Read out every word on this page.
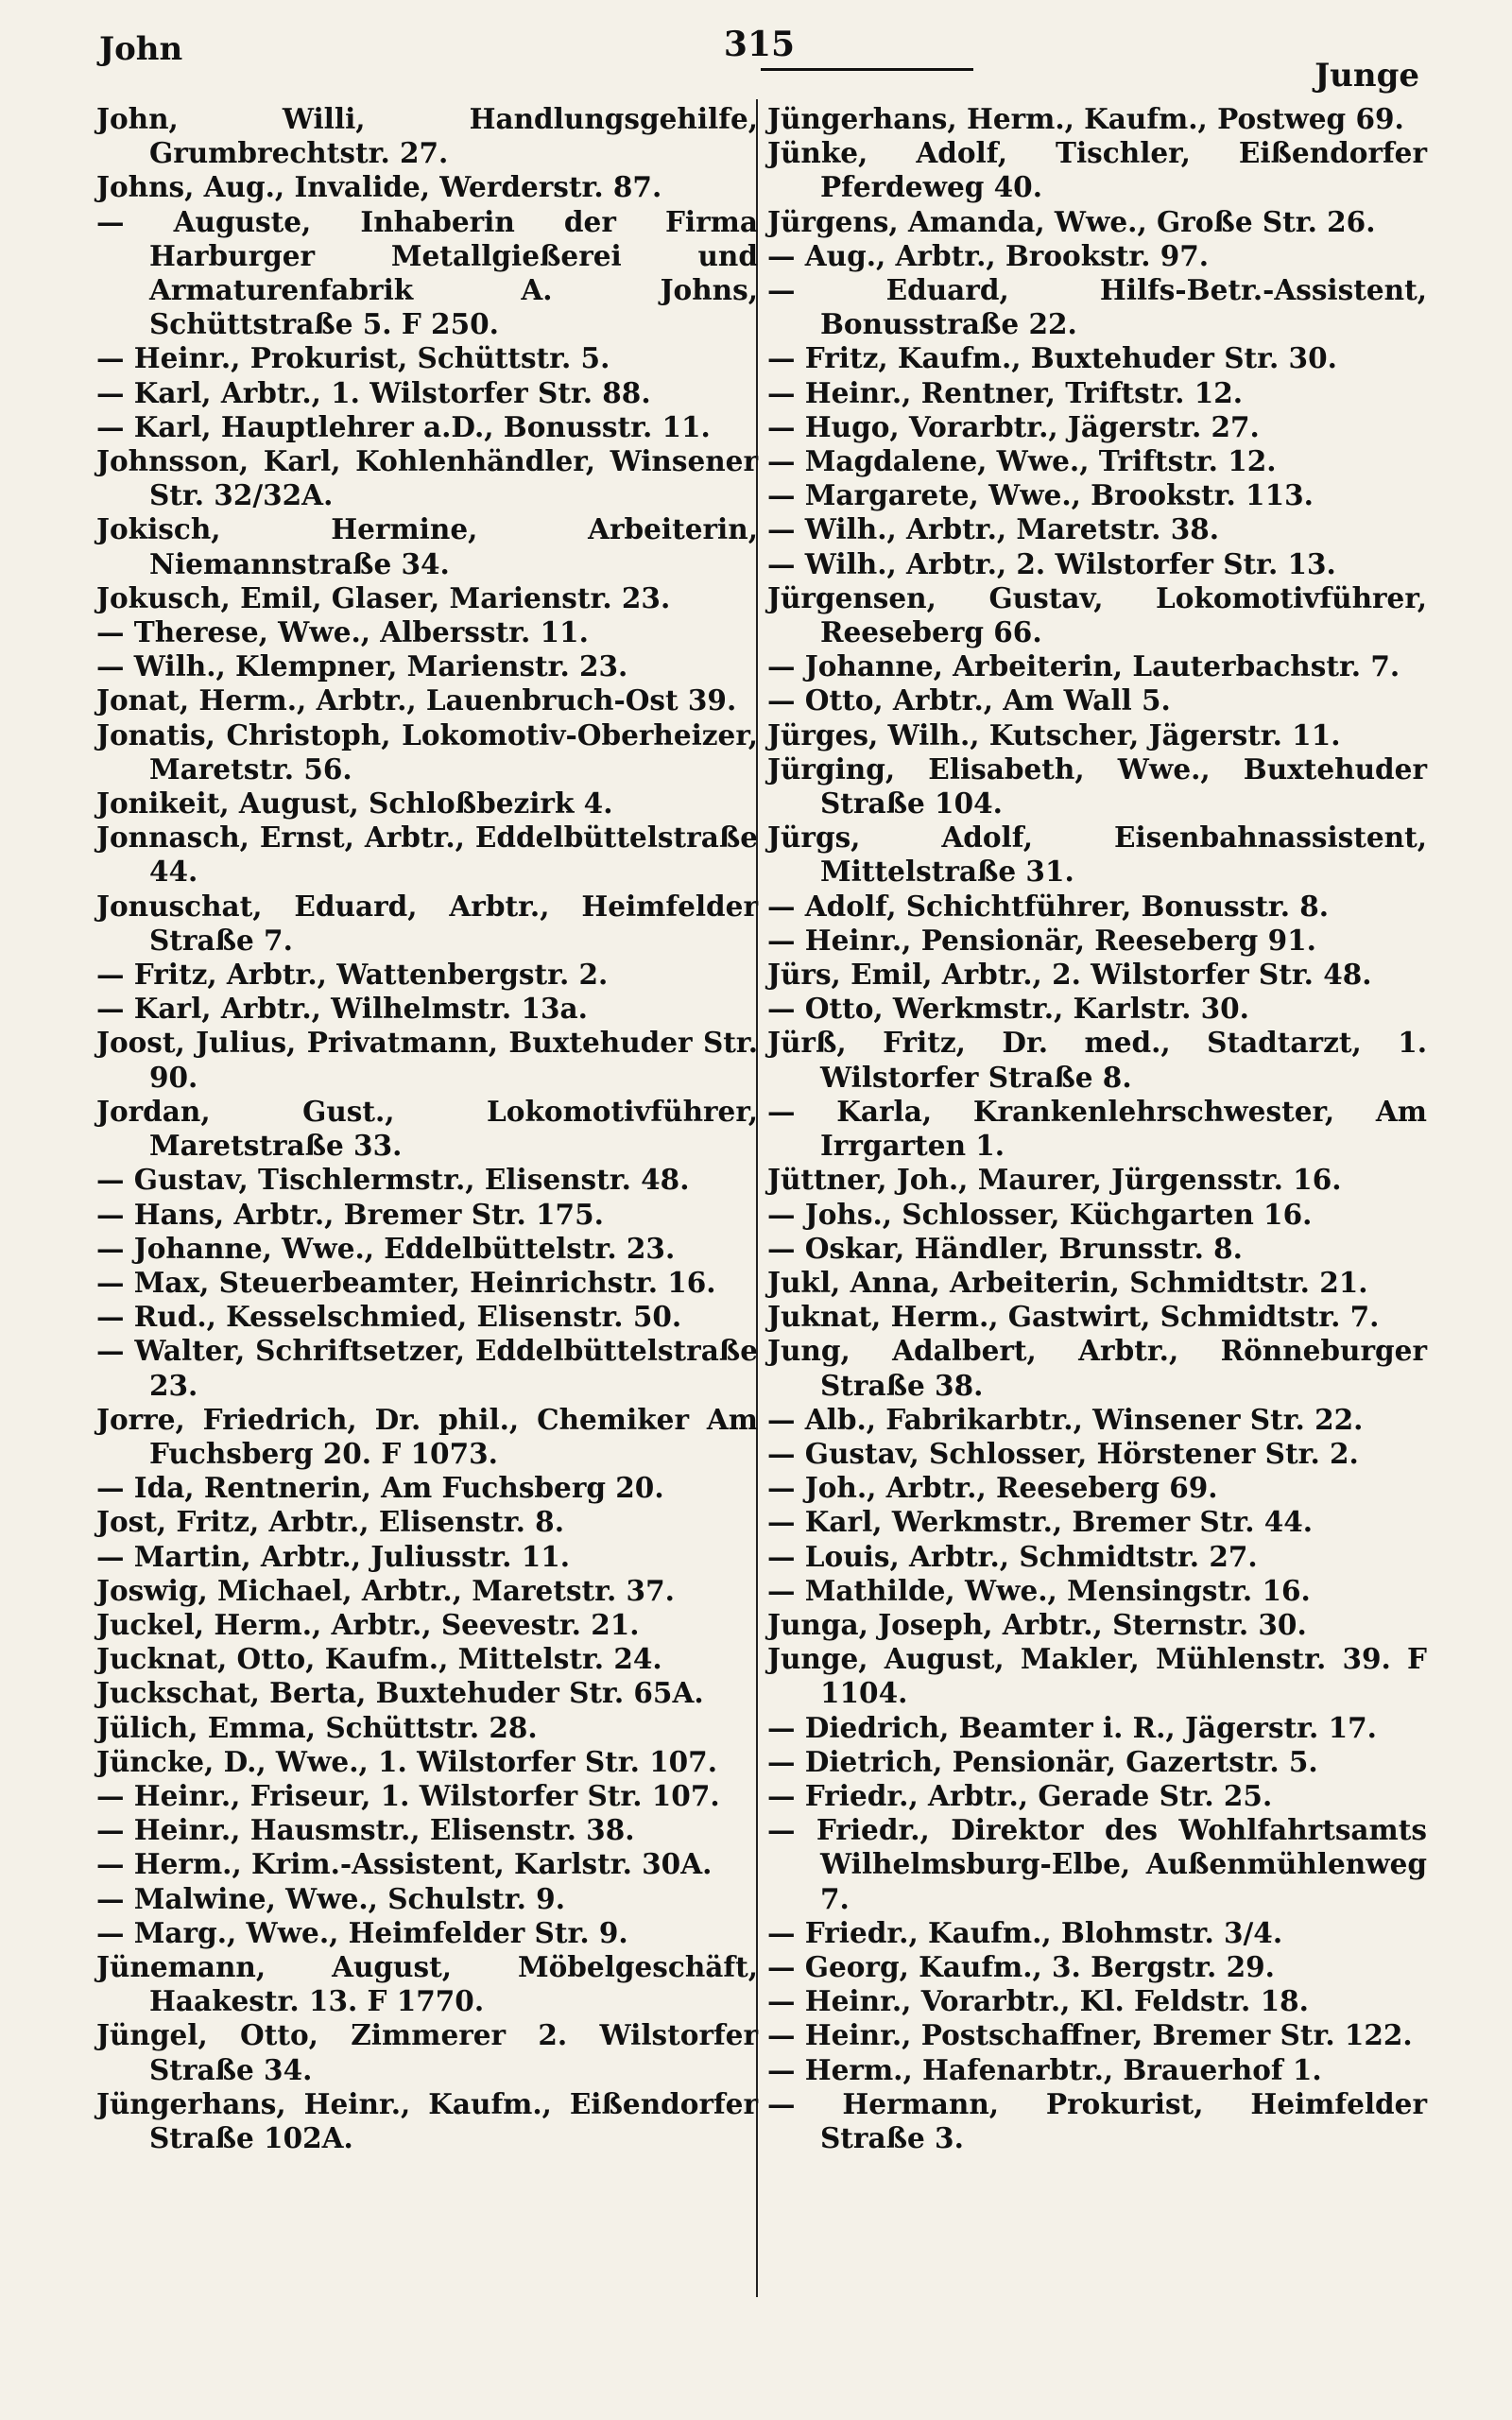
John	315
Junge

John, Willi, Handlungsgehilfe, Grumbrechtstr. 27.

Johns, Aug., Invalide, Werderstr. 87.

— Auguste, Inhaberin der Firma Harburger Metallgießerei und Armaturenfabrik A. Johns, Schüttstraße 5. F 250.

— Heinr., Prokurist, Schüttstr. 5.

— Karl, Arbtr., 1. Wilstorfer Str. 88.

— Karl, Hauptlehrer a.D., Bonusstr. 11.

Johnsson, Karl, Kohlenhändler, Winsener Str. 32/32A.

Jokisch, Hermine, Arbeiterin, Niemannstraße 34.

Jokusch, Emil, Glaser, Marienstr. 23.

— Therese, Wwe., Albersstr. 11.

— Wilh., Klempner, Marienstr. 23.

Jonat, Herm., Arbtr., Lauenbruch-Ost 39.

Jonatis, Christoph, Lokomotiv-Oberheizer, Maretstr. 56.

Jonikeit, August, Schloßbezirk 4.

Jonnasch, Ernst, Arbtr., Eddelbüttelstraße 44.

Jonuschat, Eduard, Arbtr., Heimfelder Straße 7.

— Fritz, Arbtr., Wattenbergstr. 2.

— Karl, Arbtr., Wilhelmstr. 13a.

Joost, Julius, Privatmann, Buxtehuder Str. 90.

Jordan, Gust., Lokomotivführer, Maretstraße 33.

— Gustav, Tischlermstr., Elisenstr. 48.

— Hans, Arbtr., Bremer Str. 175.

— Johanne, Wwe., Eddelbüttelstr. 23.

— Max, Steuerbeamter, Heinrichstr. 16.

— Rud., Kesselschmied, Elisenstr. 50.

— Walter, Schriftsetzer, Eddelbüttelstraße 23.

Jorre, Friedrich, Dr. phil., Chemiker Am Fuchsberg 20. F 1073.

— Ida, Rentnerin, Am Fuchsberg 20.

Jost, Fritz, Arbtr., Elisenstr. 8.

— Martin, Arbtr., Juliusstr. 11.

Joswig, Michael, Arbtr., Maretstr. 37.

Juckel, Herm., Arbtr., Seevestr. 21.

Jucknat, Otto, Kaufm., Mittelstr. 24.

Juckschat, Berta, Buxtehuder Str. 65A.

Jülich, Emma, Schüttstr. 28.

Jüncke, D., Wwe., 1. Wilstorfer Str. 107.

— Heinr., Friseur, 1. Wilstorfer Str. 107.

— Heinr., Hausmstr., Elisenstr. 38.

— Herm., Krim.-Assistent, Karlstr. 30A.

— Malwine, Wwe., Schulstr. 9.

— Marg., Wwe., Heimfelder Str. 9.

Jünemann, August, Möbelgeschäft, Haakestr. 13. F 1770.

Jüngel, Otto, Zimmerer 2. Wilstorfer Straße 34.

Jüngerhans, Heinr., Kaufm., Eißendorfer Straße 102A.

Jüngerhans, Herm., Kaufm., Postweg 69.

Jünke, Adolf, Tischler, Eißendorfer Pferdeweg 40.

Jürgens, Amanda, Wwe., Große Str. 26.

— Aug., Arbtr., Brookstr. 97.

— Eduard, Hilfs-Betr.-Assistent, Bonusstraße 22.

— Fritz, Kaufm., Buxtehuder Str. 30.

— Heinr., Rentner, Triftstr. 12.

— Hugo, Vorarbtr., Jägerstr. 27.

— Magdalene, Wwe., Triftstr. 12.

— Margarete, Wwe., Brookstr. 113.

— Wilh., Arbtr., Maretstr. 38.

— Wilh., Arbtr., 2. Wilstorfer Str. 13.

Jürgensen, Gustav, Lokomotivführer, Reeseberg 66.

— Johanne, Arbeiterin, Lauterbachstr. 7.

— Otto, Arbtr., Am Wall 5.

Jürges, Wilh., Kutscher, Jägerstr. 11.

Jürging, Elisabeth, Wwe., Buxtehuder Straße 104.

Jürgs, Adolf, Eisenbahnassistent, Mittelstraße 31.

— Adolf, Schichtführer, Bonusstr. 8.

— Heinr., Pensionär, Reeseberg 91.

Jürs, Emil, Arbtr., 2. Wilstorfer Str. 48.

— Otto, Werkmstr., Karlstr. 30.

Jürß, Fritz, Dr. med., Stadtarzt, 1. Wilstorfer Straße 8.

— Karla, Krankenlehrschwester, Am Irrgarten 1.

Jüttner, Joh., Maurer, Jürgensstr. 16.

— Johs., Schlosser, Küchgarten 16.

— Oskar, Händler, Brunsstr. 8.

Jukl, Anna, Arbeiterin, Schmidtstr. 21.

Juknat, Herm., Gastwirt, Schmidtstr. 7.

Jung, Adalbert, Arbtr., Rönneburger Straße 38.

— Alb., Fabrikarbtr., Winsener Str. 22.

— Gustav, Schlosser, Hörstener Str. 2.

— Joh., Arbtr., Reeseberg 69.

— Karl, Werkmstr., Bremer Str. 44.

— Louis, Arbtr., Schmidtstr. 27.

— Mathilde, Wwe., Mensingstr. 16.

Junga, Joseph, Arbtr., Sternstr. 30.

Junge, August, Makler, Mühlenstr. 39. F 1104.

— Diedrich, Beamter i. R., Jägerstr. 17.

— Dietrich, Pensionär, Gazertstr. 5.

— Friedr., Arbtr., Gerade Str. 25.

— Friedr., Direktor des Wohlfahrtsamts Wilhelmsburg-Elbe, Außenmühlenweg 7.

— Friedr., Kaufm., Blohmstr. 3/4.

— Georg, Kaufm., 3. Bergstr. 29.

— Heinr., Vorarbtr., Kl. Feldstr. 18.

— Heinr., Postschaffner, Bremer Str. 122.

— Herm., Hafenarbtr., Brauerhof 1.

— Hermann, Prokurist, Heimfelder Straße 3.
